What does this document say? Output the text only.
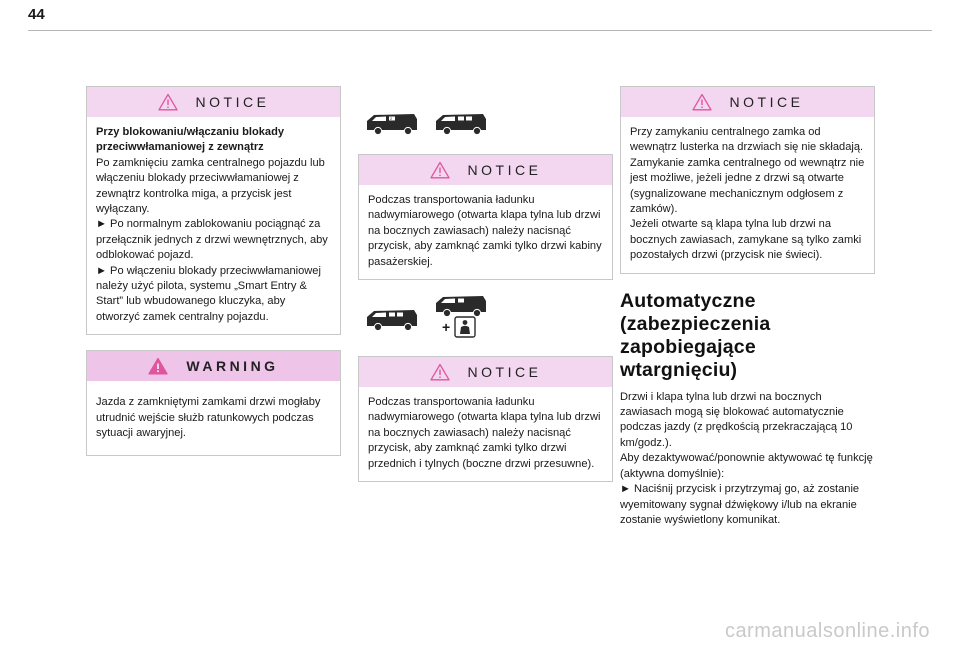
44
NOTICE

Przy blokowaniu/włączaniu blokady przeciwwłamaniowej z zewnątrz

Po zamknięciu zamka centralnego pojazdu lub włączeniu blokady przeciwwłamaniowej z zewnątrz kontrolka miga, a przycisk jest wyłączany.

► Po normalnym zablokowaniu pociągnąć za przełącznik jednych z drzwi wewnętrznych, aby odblokować pojazd.

► Po włączeniu blokady przeciwwłamaniowej należy użyć pilota, systemu „Smart Entry & Start” lub wbudowanego kluczyka, aby otworzyć zamek centralny pojazdu.

WARNING

Jazda z zamkniętymi zamkami drzwi mogłaby utrudnić wejście służb ratunkowych podczas sytuacji awaryjnej.

2
NOTICE

Podczas transportowania ładunku nadwymiarowego (otwarta klapa tylna lub drzwi na bocznych zawiasach) należy nacisnąć przycisk, aby zamknąć zamki tylko drzwi kabiny pasażerskiej.

+
NOTICE

Podczas transportowania ładunku nadwymiarowego (otwarta klapa tylna lub drzwi na bocznych zawiasach) należy nacisnąć przycisk, aby zamknąć zamki tylko drzwi przednich i tylnych (boczne drzwi przesuwne).

NOTICE

Przy zamykaniu centralnego zamka od wewnątrz lusterka na drzwiach się nie składają.

Zamykanie zamka centralnego od wewnątrz nie jest możliwe, jeżeli jedne z drzwi są otwarte (sygnalizowane mechanicznym odgłosem z zamków).

Jeżeli otwarte są klapa tylna lub drzwi na bocznych zawiasach, zamykane są tylko zamki pozostałych drzwi (przycisk nie świeci).

Automatyczne (zabezpieczenia zapobiegające wtargnięciu)

Drzwi i klapa tylna lub drzwi na bocznych zawiasach mogą się blokować automatycznie podczas jazdy (z prędkością przekraczającą 10 km/godz.).

Aby dezaktywować/ponownie aktywować tę funkcję (aktywna domyślnie):

► Naciśnij przycisk i przytrzymaj go, aż zostanie wyemitowany sygnał dźwiękowy i/lub na ekranie zostanie wyświetlony komunikat.

carmanualsonline.info
